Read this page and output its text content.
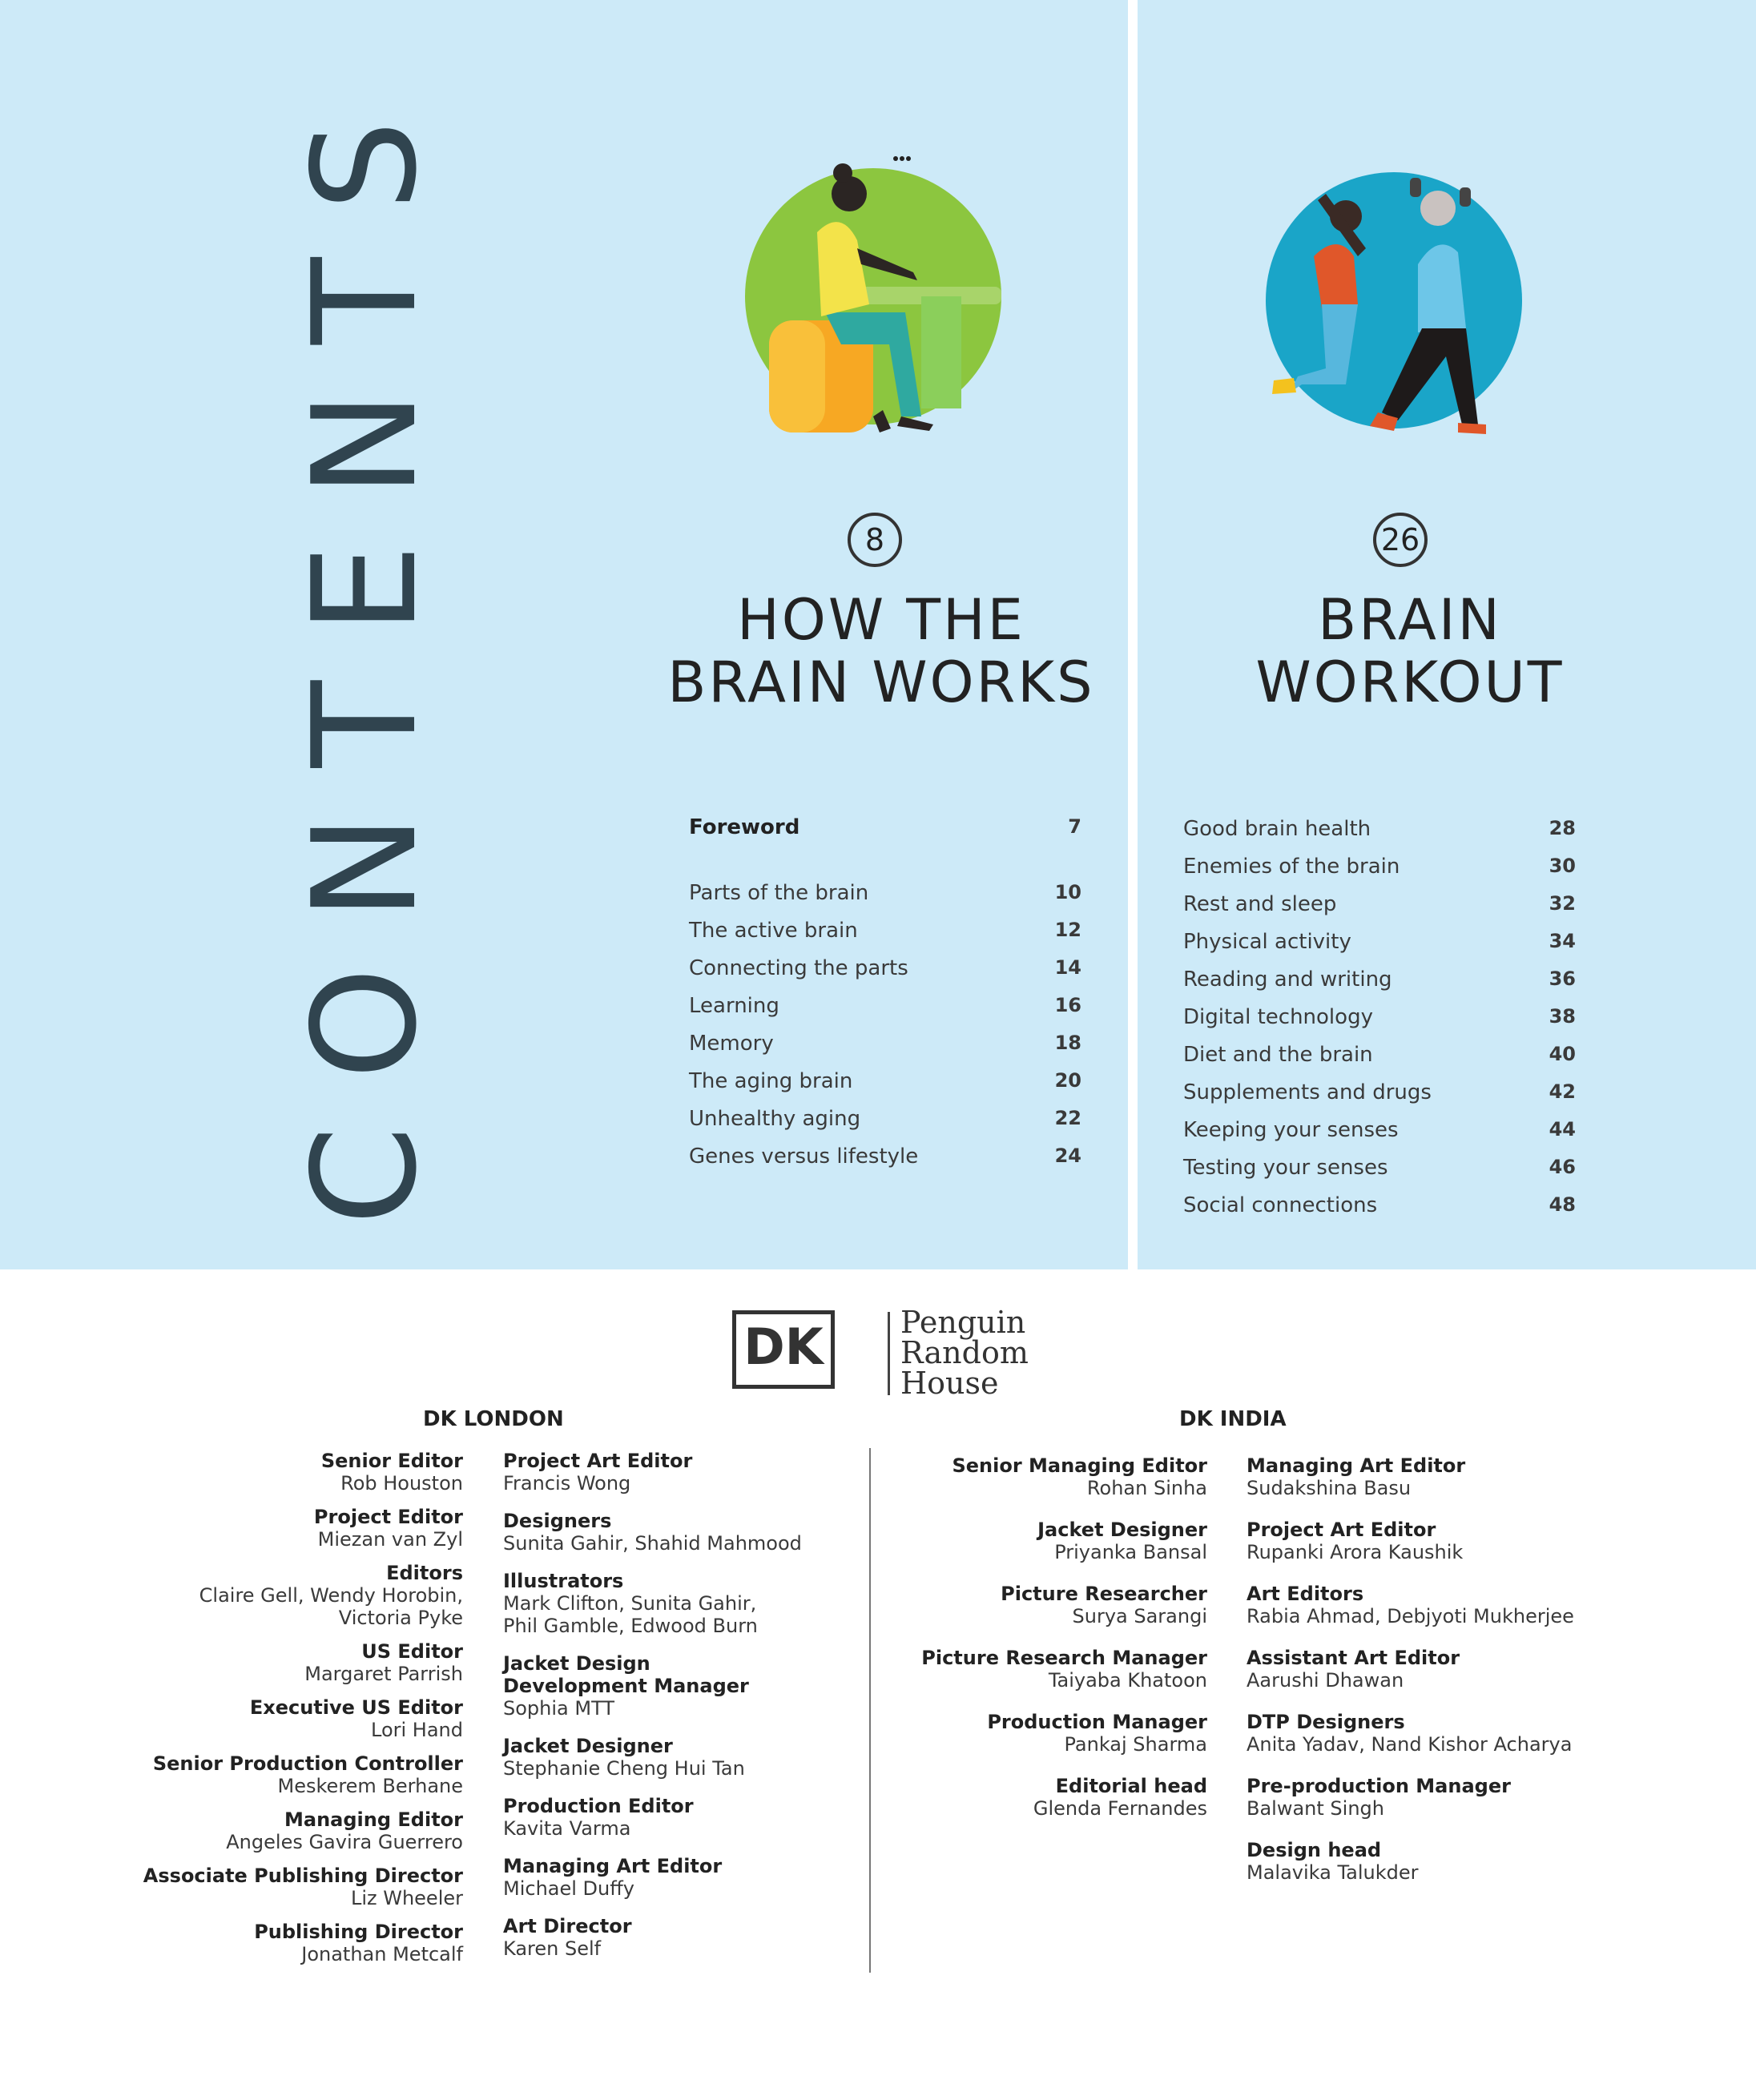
CONTENTS	8
HOW THE
BRAIN WORKS
26
BRAIN
WORKOUT
Foreword	7
Parts of the brain	10
The active brain	12
Connecting the parts	14
Learning	16
Memory	18
The aging brain	20
Unhealthy aging	22
Genes versus lifestyle	24
Good brain health	28
Enemies of the brain	30
Rest and sleep	32
Physical activity	34
Reading and writing	36
Digital technology	38
Diet and the brain	40
Supplements and drugs	42
Keeping your senses	44
Testing your senses	46
Social connections	48
DK	Penguin
Random
House
DK LONDON	DK INDIA
Senior Editor
Rob Houston
Project Editor
Miezan van Zyl
Editors
Claire Gell, Wendy Horobin,
Victoria Pyke
US Editor
Margaret Parrish
Executive US Editor
Lori Hand
Senior Production Controller
Meskerem Berhane
Managing Editor
Angeles Gavira Guerrero
Associate Publishing Director
Liz Wheeler
Publishing Director
Jonathan Metcalf
Project Art Editor
Francis Wong
Designers
Sunita Gahir, Shahid Mahmood
Illustrators
Mark Clifton, Sunita Gahir,
Phil Gamble, Edwood Burn
Jacket Design
Development Manager
Sophia MTT
Jacket Designer
Stephanie Cheng Hui Tan
Production Editor
Kavita Varma
Managing Art Editor
Michael Duffy
Art Director
Karen Self
Senior Managing Editor
Rohan Sinha
Jacket Designer
Priyanka Bansal
Picture Researcher
Surya Sarangi
Picture Research Manager
Taiyaba Khatoon
Production Manager
Pankaj Sharma
Editorial head
Glenda Fernandes
Managing Art Editor
Sudakshina Basu
Project Art Editor
Rupanki Arora Kaushik
Art Editors
Rabia Ahmad, Debjyoti Mukherjee
Assistant Art Editor
Aarushi Dhawan
DTP Designers
Anita Yadav, Nand Kishor Acharya
Pre-production Manager
Balwant Singh
Design head
Malavika Talukder
